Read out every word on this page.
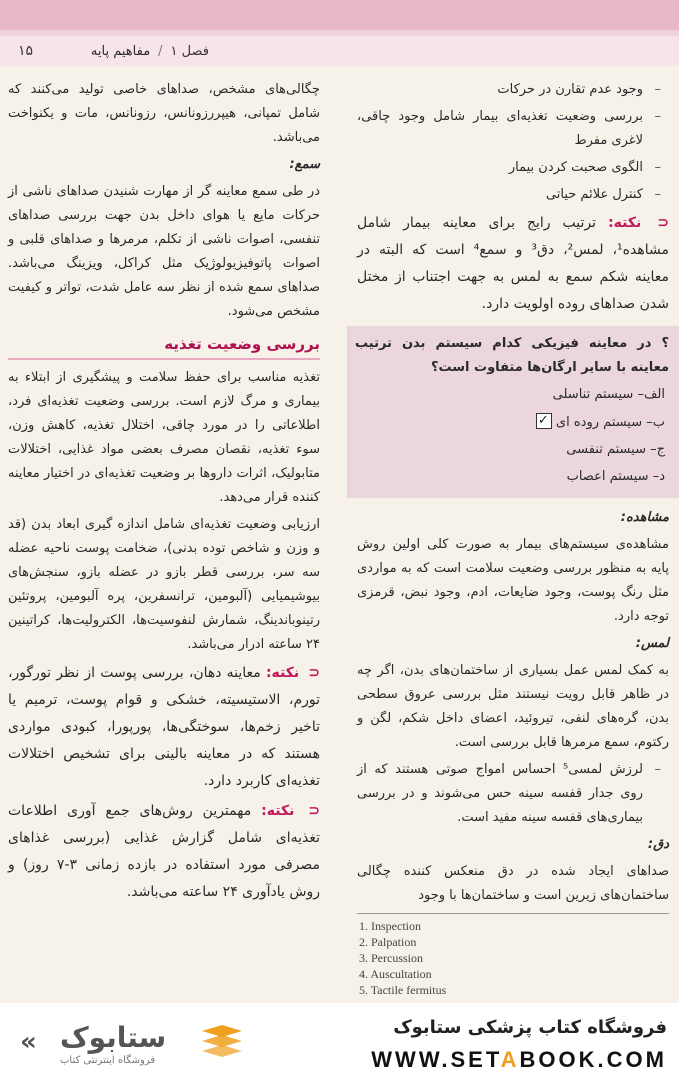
فصل ۱
/
مفاهیم پایه
۱۵

– وجود عدم تقارن در حرکات

– بررسی وضعیت تغذیه‌ای بیمار شامل وجود چاقی، لاغری مفرط

– الگوی صحبت کردن بیمار

– کنترل علائم حیاتی

⊂ نکته: ترتیب رایج برای معاینه بیمار شامل مشاهده¹، لمس²، دق³ و سمع⁴ است که البته در معاینه شکم سمع به لمس به جهت اجتناب از مختل شدن صداهای روده اولویت دارد.

؟ در معاینه فیزیکی کدام سیستم بدن ترتیب معاینه با سایر ارگان‌ها متفاوت است؟

الف– سیستم تناسلی

ب– سیستم روده ای✓

ج– سیستم تنفسی

د– سیستم اعصاب

مشاهده:

مشاهده‌ی سیستم‌های بیمار به صورت کلی اولین روش پایه به منظور بررسی وضعیت سلامت است که به مواردی مثل رنگ پوست، وجود ضایعات، ادم، وجود نبض، قرمزی توجه دارد.

لمس:

به کمک لمس عمل بسیاری از ساختمان‌های بدن، اگر چه در ظاهر قابل رویت نیستند مثل بررسی عروق سطحی بدن، گره‌های لنفی، تیروئید، اعضای داخل شکم، لگن و رکتوم، سمع مرمرها قابل بررسی است.

– لرزش لمسی⁵ احساس امواج صوتی هستند که از روی جدار قفسه سینه حس می‌شوند و در بررسی بیماری‌های قفسه سینه مفید است.

دق:

صداهای ایجاد شده در دق منعکس کننده چگالی ساختمان‌های زیرین است و ساختمان‌ها با وجود

چگالی‌های مشخص، صداهای خاصی تولید می‌کنند که شامل تمپانی، هیپررزونانس، رزونانس، مات و یکنواخت می‌باشد.

سمع:

در طی سمع معاینه گر از مهارت شنیدن صداهای ناشی از حرکات مایع یا هوای داخل بدن جهت بررسی صداهای تنفسی، اصوات ناشی از تکلم، مرمرها و صداهای قلبی و اصوات پاتوفیزیولوژیک مثل کراکل، ویزینگ می‌باشد. صداهای سمع شده از نظر سه عامل شدت، تواتر و کیفیت مشخص می‌شود.

بررسی وضعیت تغذیه

تغذیه مناسب برای حفظ سلامت و پیشگیری از ابتلاء به بیماری و مرگ لازم است. بررسی وضعیت تغذیه‌ای فرد، اطلاعاتی را در مورد چاقی، اختلال تغذیه، کاهش وزن، سوء تغذیه، نقصان مصرف بعضی مواد غذایی، اختلالات متابولیک، اثرات داروها بر وضعیت تغذیه‌ای در اختیار معاینه کننده قرار می‌دهد.

ارزیابی وضعیت تغذیه‌ای شامل اندازه گیری ابعاد بدن (قد و وزن و شاخص توده بدنی)، ضخامت پوست ناحیه عضله سه سر، بررسی قطر بازو در عضله بازو، سنجش‌های بیوشیمیایی (آلبومین، ترانسفرین، پره آلبومین، پروتئین رتینوباندینگ، شمارش لنفوسیت‌ها، الکترولیت‌ها، کراتینین ۲۴ ساعته ادرار می‌باشد.

⊂ نکته: معاینه دهان، بررسی پوست از نظر تورگور، تورم، الاستیسیته، خشکی و قوام پوست، ترمیم یا تاخیر زخم‌ها، سوختگی‌ها، پورپورا، کبودی مواردی هستند که در معاینه بالینی برای تشخیص اختلالات تغذیه‌ای کاربرد دارد.

⊂ نکته: مهمترین روش‌های جمع آوری اطلاعات تغذیه‌ای شامل گزارش غذایی (بررسی غذاهای مصرفی مورد استفاده در بازده زمانی ۳-۷ روز) و روش یادآوری ۲۴ ساعته می‌باشد.

1. Inspection
2. Palpation
3. Percussion
4. Auscultation
5. Tactile fermitus
« ستابوک
فروشگاه اینترنتی کتاب
فروشگاه کتاب پزشکی ستابوک
WWW.SETABOOK.COM
